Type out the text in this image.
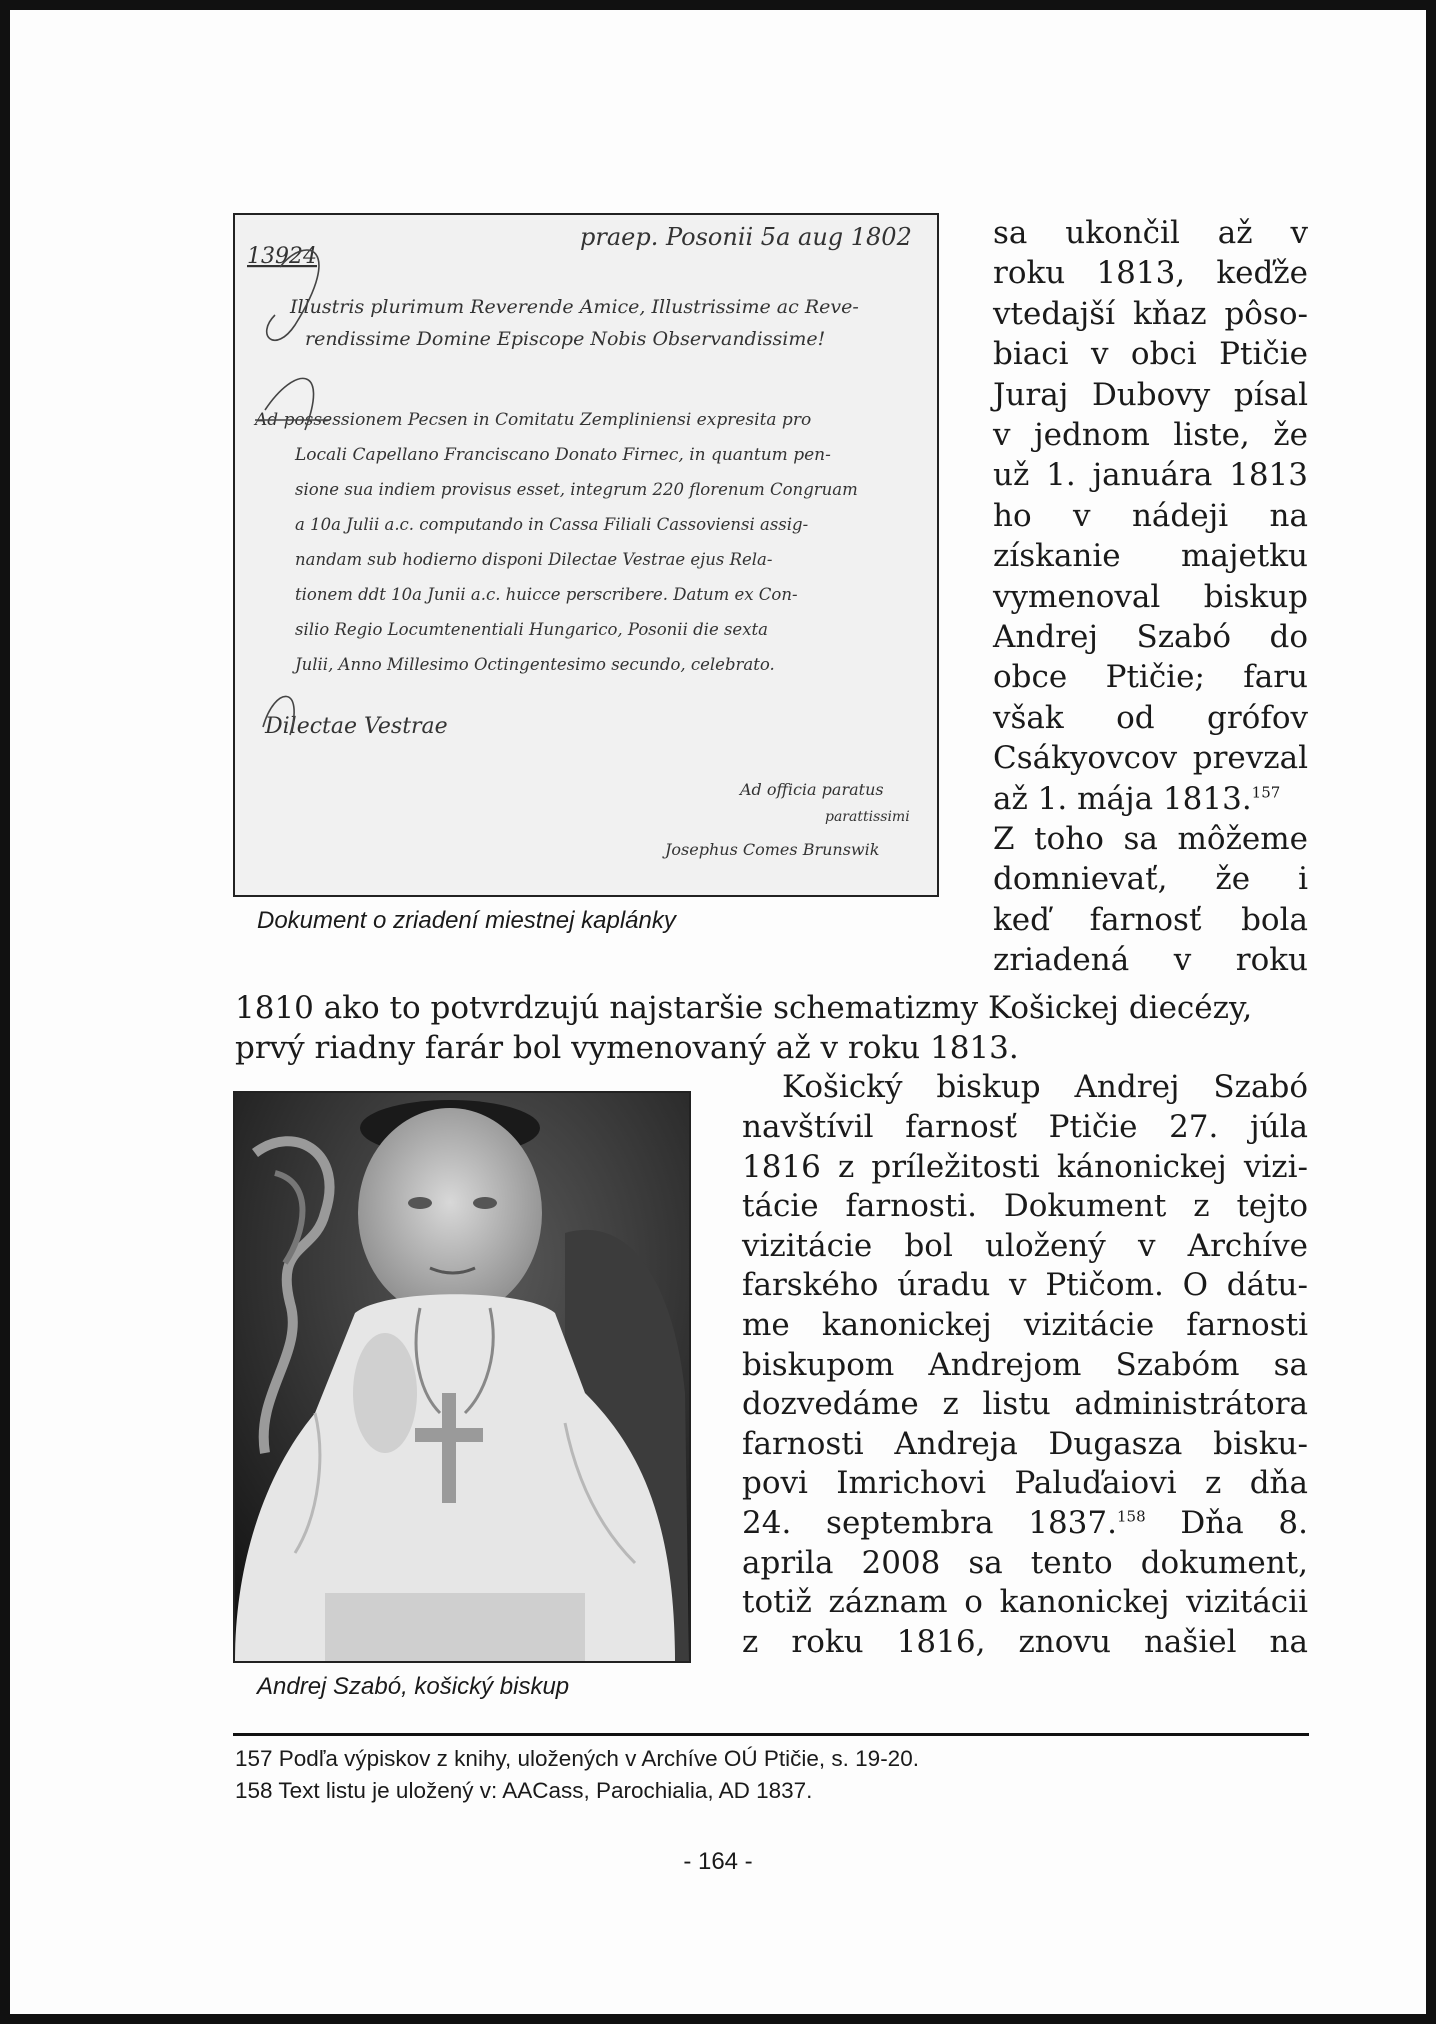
13924
praep. Posonii 5a aug 1802
Illustris plurimum Reverende Amice, Illustrissime ac Reve-
rendissime Domine Episcope Nobis Observandissime!
Ad possessionem Pecsen in Comitatu Zempliniensi expresita pro
Locali Capellano Franciscano Donato Firnec, in quantum pen-
sione sua indiem provisus esset, integrum 220 florenum Congruam
a 10a Julii a.c. computando in Cassa Filiali Cassoviensi assig-
nandam sub hodierno disponi Dilectae Vestrae ejus Rela-
tionem ddt 10a Junii a.c. huicce perscribere. Datum ex Con-
silio Regio Locumtenentiali Hungarico, Posonii die sexta
Julii, Anno Millesimo Octingentesimo secundo, celebrato.
Dilectae Vestrae
Ad officia paratus
parattissimi
Josephus Comes Brunswik
Dokument o zriadení miestnej kaplánky
sa ukončil až v
roku 1813, keďže
vtedajší kňaz pôso-
biaci v obci Ptičie
Juraj Dubovy písal
v jednom liste, že
už 1. januára 1813
ho v nádeji na
získanie majetku
vymenoval biskup
Andrej Szabó do
obce Ptičie; faru
však od grófov
Csákyovcov prevzal
až 1. mája 1813.$^{157}$
Z toho sa môžeme
domnievať, že i
keď farnosť bola
zriadená v roku
1810 ako to potvrdzujú najstaršie schematizmy Košickej diecézy,
prvý riadny farár bol vymenovaný až v roku 1813.
Andrej Szabó, košický biskup
Košický biskup Andrej Szabó
navštívil farnosť Ptičie 27. júla
1816 z príležitosti kánonickej vizi-
tácie farnosti. Dokument z tejto
vizitácie bol uložený v Archíve
farského úradu v Ptičom. O dátu-
me kanonickej vizitácie farnosti
biskupom Andrejom Szabóm sa
dozvedáme z listu administrátora
farnosti Andreja Dugasza bisku-
povi Imrichovi Paluďaiovi z dňa
24. septembra 1837.$^{158}$ Dňa 8.
aprila 2008 sa tento dokument,
totiž záznam o kanonickej vizitácii
z roku 1816, znovu našiel na
157 Podľa výpiskov z knihy, uložených v Archíve OÚ Ptičie, s. 19-20.
158 Text listu je uložený v: AACass, Parochialia, AD 1837.
- 164 -
